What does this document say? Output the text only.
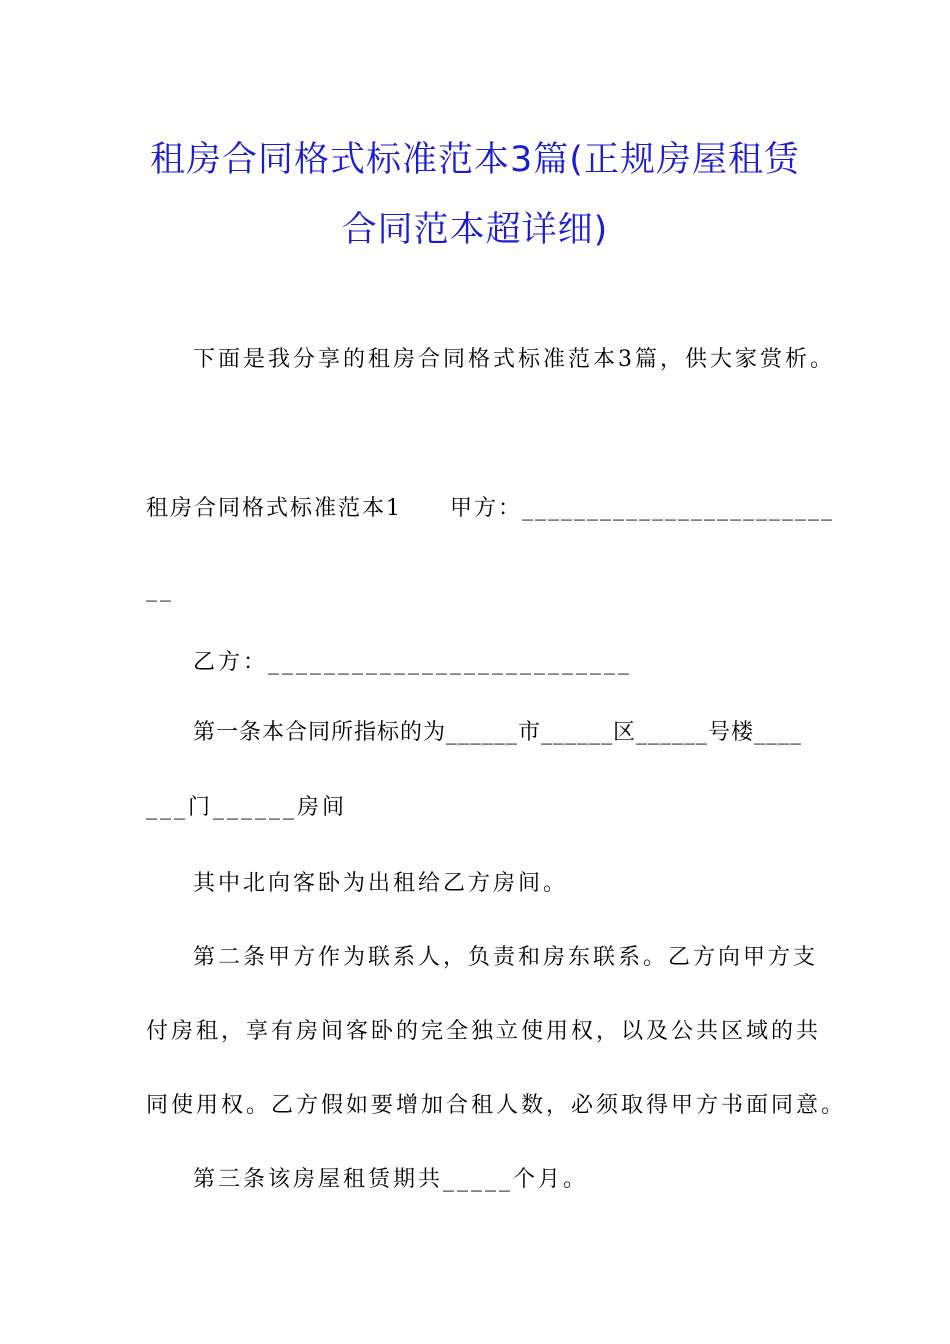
租房合同格式标准范本3篇(正规房屋租赁
合同范本超详细)
下面是我分享的租房合同格式标准范本3篇，供大家赏析。
租房合同格式标准范本1　　甲方：________________________
__
乙方：__________________________
第一条本合同所指标的为______市______区______号楼____
___门______房间
其中北向客卧为出租给乙方房间。
第二条甲方作为联系人，负责和房东联系。乙方向甲方支
付房租，享有房间客卧的完全独立使用权，以及公共区域的共
同使用权。乙方假如要增加合租人数，必须取得甲方书面同意。
第三条该房屋租赁期共_____个月。
